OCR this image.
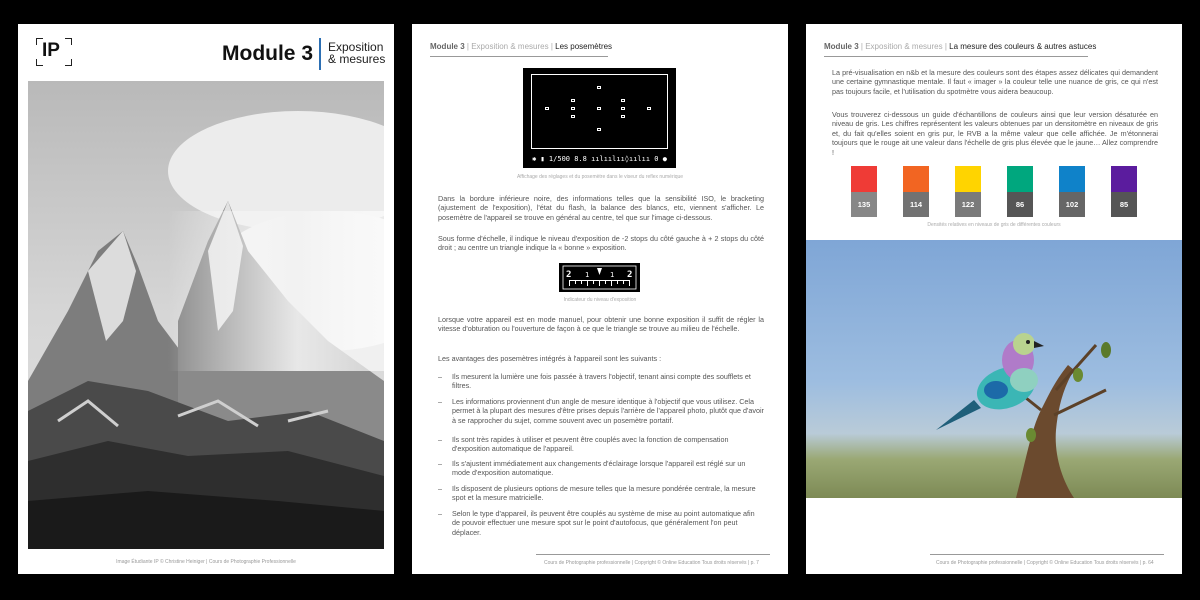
IP	Module 3 Exposition
& mesures
Image Étudiante IP © Christine Heiniger | Cours de Photographie Professionnelle
Module 3 | Exposition & mesures | Les posemètres
✱ ▮ 1/500 8.8 ıılıılıı◊ıılıı 0 ●
Affichage des réglages et du posemètre dans le viseur du reflex numérique
Dans la bordure inférieure noire, des informations telles que la sensibilité ISO, le bracketing (ajustement de l'exposition), l'état du flash, la balance des blancs, etc, viennent s'afficher. Le posemètre de l'appareil se trouve en général au centre, tel que sur l'image ci-dessous.
Sous forme d'échelle, il indique le niveau d'exposition de -2 stops du côté gauche à + 2 stops du côté droit ; au centre un triangle indique la « bonne » exposition.
2	2
1	1
Indicateur du niveau d'exposition
Lorsque votre appareil est en mode manuel, pour obtenir une bonne exposition il suffit de régler la vitesse d'obturation ou l'ouverture de façon à ce que le triangle se trouve au milieu de l'échelle.
Les avantages des posemètres intégrés à l'appareil sont les suivants :
– Ils mesurent la lumière une fois passée à travers l'objectif, tenant ainsi compte des soufflets et filtres.
– Les informations proviennent d'un angle de mesure identique à l'objectif que vous utilisez. Cela permet à la plupart des mesures d'être prises depuis l'arrière de l'appareil photo, plutôt que d'avoir à se rapprocher du sujet, comme souvent avec un posemètre portatif.
– Ils sont très rapides à utiliser et peuvent être couplés avec la fonction de compensation d'exposition automatique de l'appareil.
– Ils s'ajustent immédiatement aux changements d'éclairage lorsque l'appareil est réglé sur un mode d'exposition automatique.
– Ils disposent de plusieurs options de mesure telles que la mesure pondérée centrale, la mesure spot et la mesure matricielle.
– Selon le type d'appareil, ils peuvent être couplés au système de mise au point automatique afin de pouvoir effectuer une mesure spot sur le point d'autofocus, que généralement l'on peut déplacer.
Cours de Photographie professionnelle | Copyright © Online Education Tous droits réservés | p. 7
Module 3 | Exposition & mesures | La mesure des couleurs & autres astuces
La pré-visualisation en n&b et la mesure des couleurs sont des étapes assez délicates qui demandent une certaine gymnastique mentale. Il faut « imager » la couleur telle une nuance de gris, ce qui n'est pas toujours facile, et l'utilisation du spotmètre vous aidera beaucoup.
Vous trouverez ci-dessous un guide d'échantillons de couleurs ainsi que leur version désaturée en niveau de gris. Les chiffres représentent les valeurs obtenues par un densitomètre en niveaux de gris et, du fait qu'elles soient en gris pur, le RVB a la même valeur que celle affichée. Je m'étonnerai toujours que le rouge ait une valeur dans l'échelle de gris plus élevée que le jaune… Allez comprendre !
135	114	122	86	102	85
Densités relatives en niveaux de gris de différentes couleurs
Cours de Photographie professionnelle | Copyright © Online Education Tous droits réservés | p. 64
